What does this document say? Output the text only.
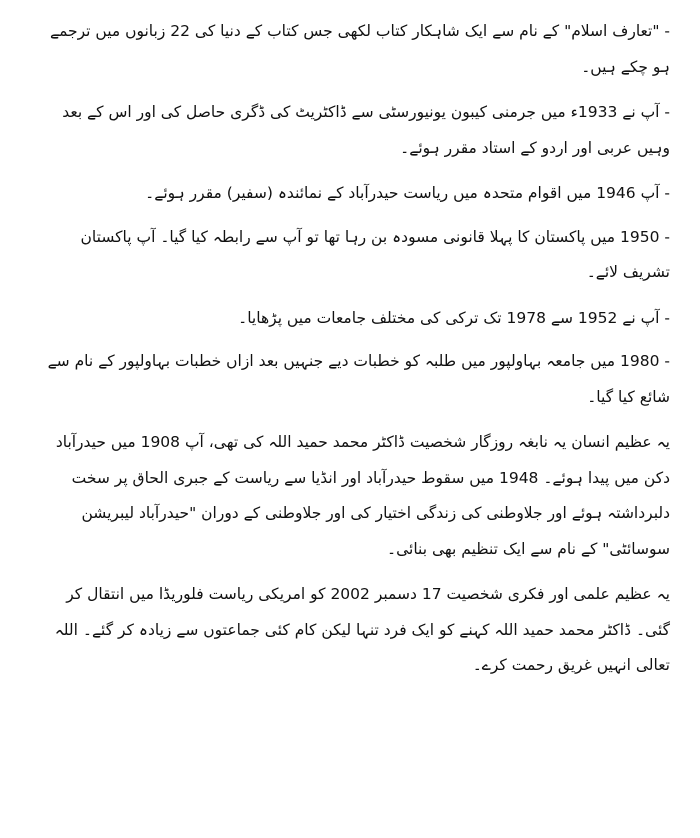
- "تعارف اسلام" کے نام سے ایک شاہکار کتاب لکھی جس کتاب کے دنیا کی 22 زبانوں میں ترجمے ہو چکے ہیں۔

- آپ نے 1933ء میں جرمنی کیبون یونیورسٹی سے ڈاکٹریٹ کی ڈگری حاصل کی اور اس کے بعد وہیں عربی اور اردو کے استاد مقرر ہوئے۔

- آپ 1946 میں اقوام متحدہ میں ریاست حیدرآباد کے نمائندہ (سفیر) مقرر ہوئے۔

- 1950 میں پاکستان کا پہلا قانونی مسودہ بن رہا تھا تو آپ سے رابطہ کیا گیا۔ آپ پاکستان تشریف لائے۔

- آپ نے 1952 سے 1978 تک ترکی کی مختلف جامعات میں پڑھایا۔

- 1980 میں جامعہ بہاولپور میں طلبہ کو خطبات دیے جنہیں بعد ازاں خطبات بہاولپور کے نام سے شائع کیا گیا۔

یہ عظیم انسان یہ نابغہ روزگار شخصیت ڈاکٹر محمد حمید اللہ کی تھی، آپ 1908 میں حیدرآباد دکن میں پیدا ہوئے۔ 1948 میں سقوط حیدرآباد اور انڈیا سے ریاست کے جبری الحاق پر سخت دلبرداشتہ ہوئے اور جلاوطنی کی زندگی اختیار کی اور جلاوطنی کے دوران "حیدرآباد لیبریشن سوسائٹی" کے نام سے ایک تنظیم بھی بنائی۔

یہ عظیم علمی اور فکری شخصیت 17 دسمبر 2002 کو امریکی ریاست فلوریڈا میں انتقال کر گئی۔ ڈاکٹر محمد حمید اللہ کہنے کو ایک فرد تنہا لیکن کام کئی جماعتوں سے زیادہ کر گئے۔ اللہ تعالی انہیں غریق رحمت کرے۔
